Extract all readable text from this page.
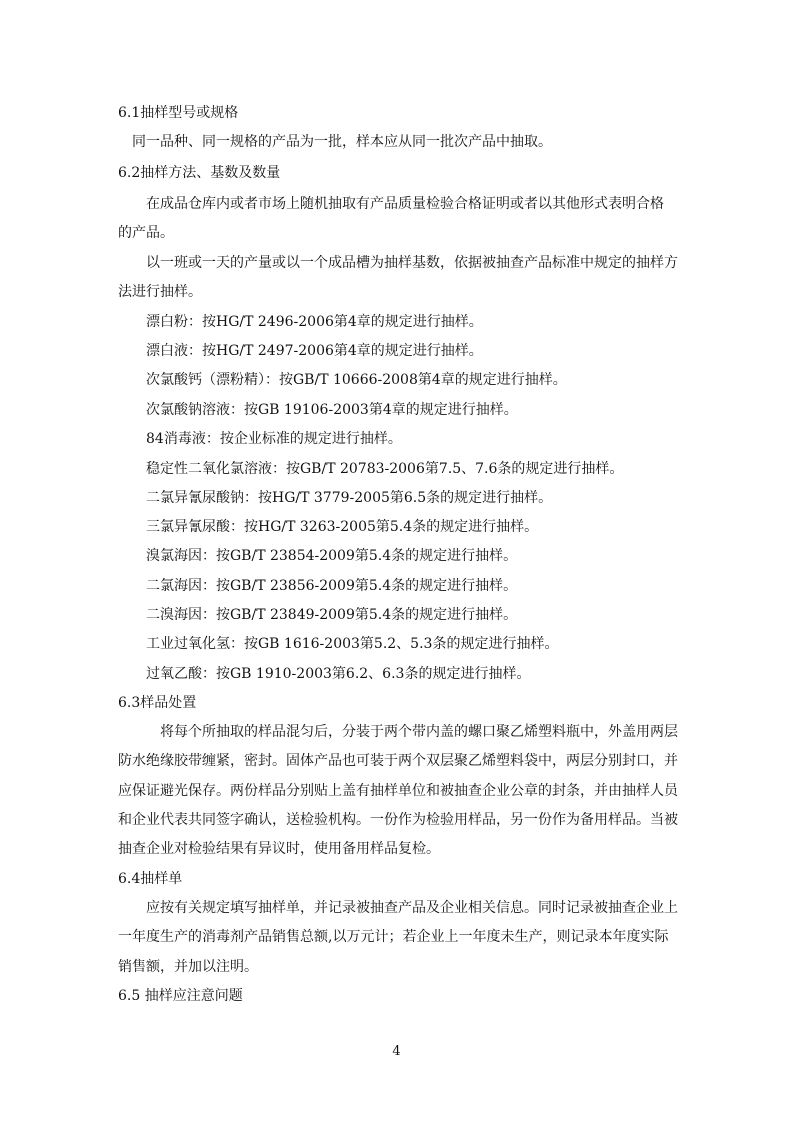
6.1抽样型号或规格
同一品种、同一规格的产品为一批，样本应从同一批次产品中抽取。
6.2抽样方法、基数及数量
在成品仓库内或者市场上随机抽取有产品质量检验合格证明或者以其他形式表明合格
的产品。
以一班或一天的产量或以一个成品槽为抽样基数，依据被抽查产品标准中规定的抽样方
法进行抽样。
漂白粉：按HG/T 2496-2006第4章的规定进行抽样。
漂白液：按HG/T 2497-2006第4章的规定进行抽样。
次氯酸钙（漂粉精）：按GB/T 10666-2008第4章的规定进行抽样。
次氯酸钠溶液：按GB 19106-2003第4章的规定进行抽样。
84消毒液：按企业标准的规定进行抽样。
稳定性二氧化氯溶液：按GB/T 20783-2006第7.5、7.6条的规定进行抽样。
二氯异氰尿酸钠：按HG/T 3779-2005第6.5条的规定进行抽样。
三氯异氰尿酸：按HG/T 3263-2005第5.4条的规定进行抽样。
溴氯海因：按GB/T 23854-2009第5.4条的规定进行抽样。
二氯海因：按GB/T 23856-2009第5.4条的规定进行抽样。
二溴海因：按GB/T 23849-2009第5.4条的规定进行抽样。
工业过氧化氢：按GB 1616-2003第5.2、5.3条的规定进行抽样。
过氧乙酸：按GB 1910-2003第6.2、6.3条的规定进行抽样。
6.3样品处置
将每个所抽取的样品混匀后，分装于两个带内盖的螺口聚乙烯塑料瓶中，外盖用两层
防水绝缘胶带缠紧，密封。固体产品也可装于两个双层聚乙烯塑料袋中，两层分别封口，并
应保证避光保存。两份样品分别贴上盖有抽样单位和被抽查企业公章的封条，并由抽样人员
和企业代表共同签字确认，送检验机构。一份作为检验用样品，另一份作为备用样品。当被
抽查企业对检验结果有异议时，使用备用样品复检。
6.4抽样单
应按有关规定填写抽样单，并记录被抽查产品及企业相关信息。同时记录被抽查企业上
一年度生产的消毒剂产品销售总额,以万元计；若企业上一年度未生产，则记录本年度实际
销售额，并加以注明。
6.5 抽样应注意问题
4
